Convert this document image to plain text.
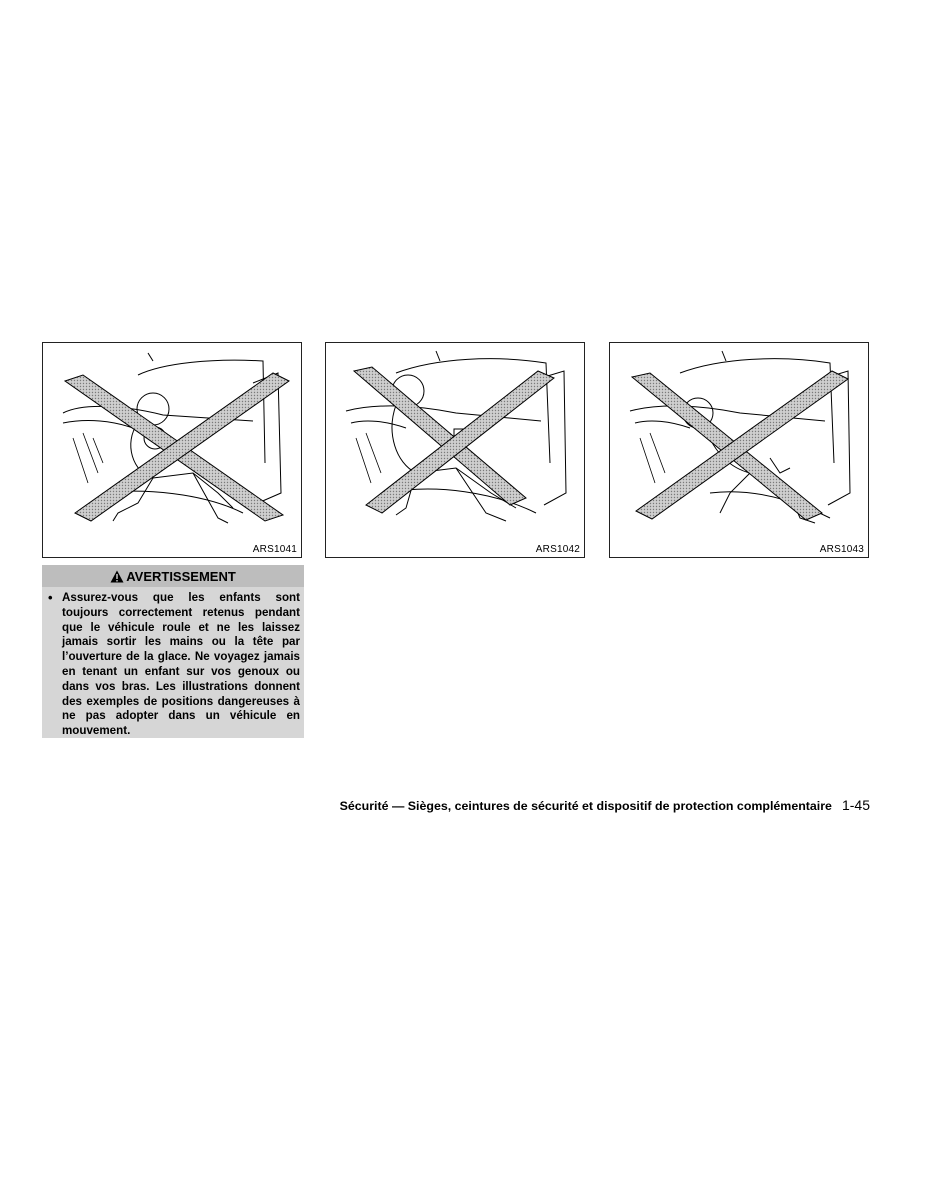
ARS1041	ARS1042	ARS1043
AVERTISSEMENT
• Assurez-vous que les enfants sont toujours correctement retenus pendant que le véhicule roule et ne les laissez jamais sortir les mains ou la tête par l’ouverture de la glace. Ne voyagez jamais en tenant un enfant sur vos genoux ou dans vos bras. Les illustrations donnent des exemples de positions dangereuses à ne pas adopter dans un véhicule en mouvement.
Sécurité — Sièges, ceintures de sécurité et dispositif de protection complémentaire 1-45
